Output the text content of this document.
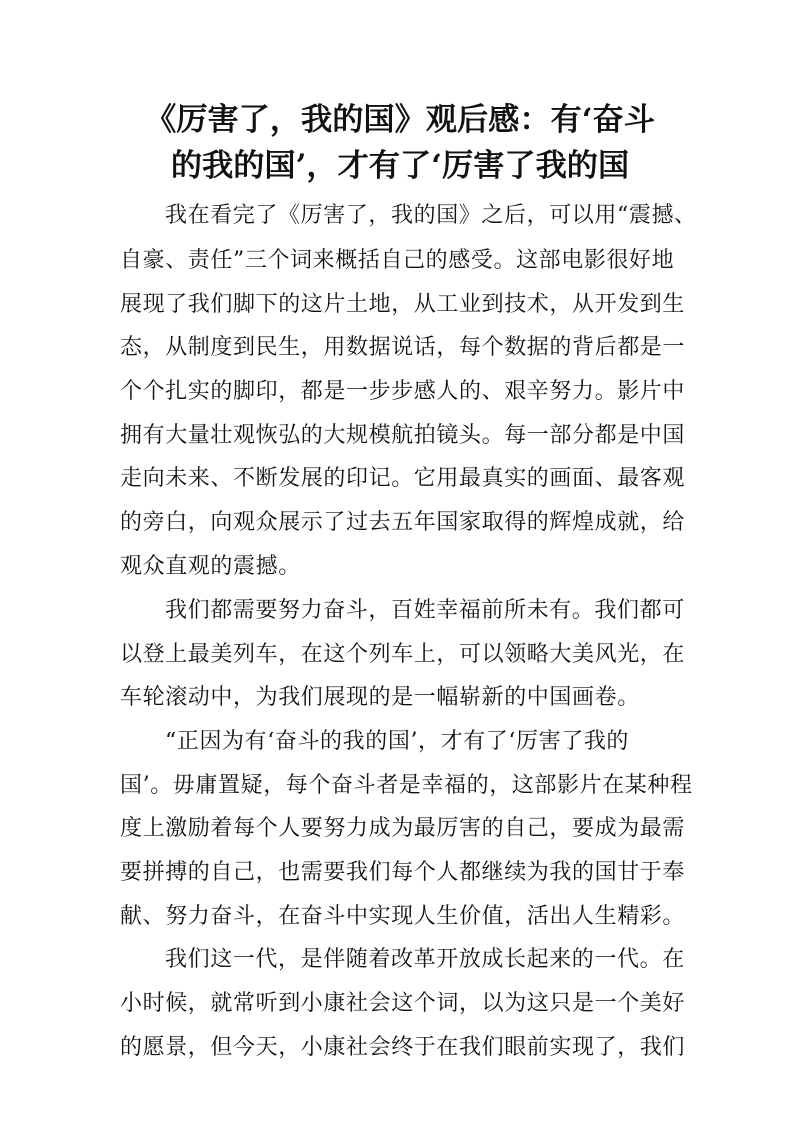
《厉害了，我的国》观后感：有‘奋斗
的我的国’，才有了‘厉害了我的国
我在看完了《厉害了，我的国》之后，可以用“震撼、
自豪、责任”三个词来概括自己的感受。这部电影很好地
展现了我们脚下的这片土地，从工业到技术，从开发到生
态，从制度到民生，用数据说话，每个数据的背后都是一
个个扎实的脚印，都是一步步感人的、艰辛努力。影片中
拥有大量壮观恢弘的大规模航拍镜头。每一部分都是中国
走向未来、不断发展的印记。它用最真实的画面、最客观
的旁白，向观众展示了过去五年国家取得的辉煌成就，给
观众直观的震撼。
我们都需要努力奋斗，百姓幸福前所未有。我们都可
以登上最美列车，在这个列车上，可以领略大美风光，在
车轮滚动中，为我们展现的是一幅崭新的中国画卷。
“正因为有‘奋斗的我的国’，才有了‘厉害了我的
国’。毋庸置疑，每个奋斗者是幸福的，这部影片在某种程
度上激励着每个人要努力成为最厉害的自己，要成为最需
要拼搏的自己，也需要我们每个人都继续为我的国甘于奉
献、努力奋斗，在奋斗中实现人生价值，活出人生精彩。
我们这一代，是伴随着改革开放成长起来的一代。在
小时候，就常听到小康社会这个词，以为这只是一个美好
的愿景，但今天，小康社会终于在我们眼前实现了，我们
